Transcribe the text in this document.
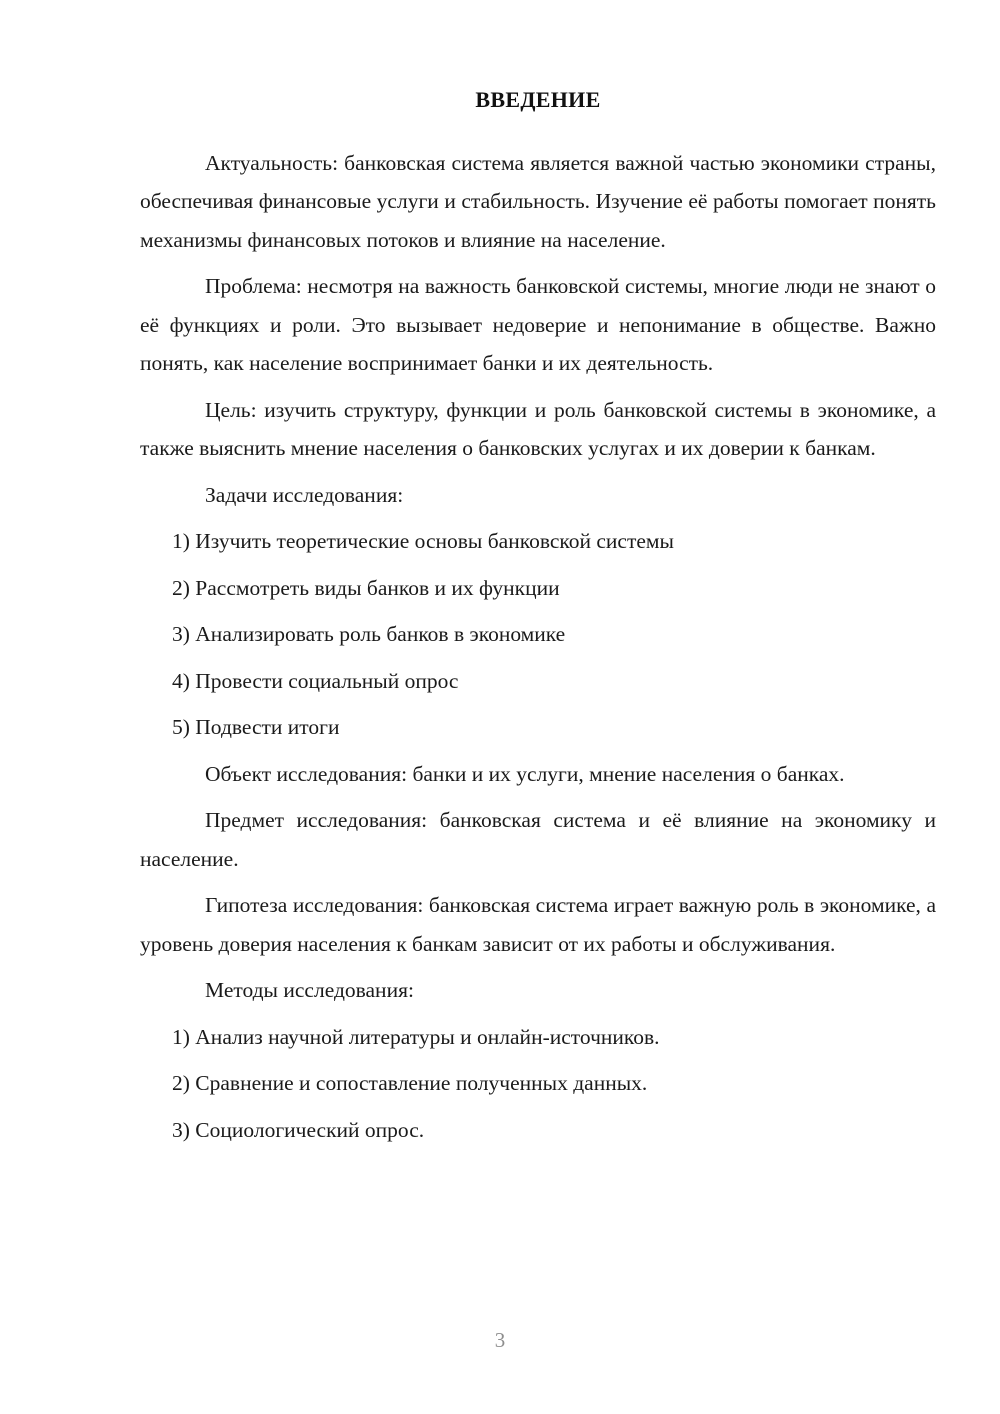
ВВЕДЕНИЕ

Актуальность: банковская система является важной частью экономики страны, обеспечивая финансовые услуги и стабильность. Изучение её работы помогает понять механизмы финансовых потоков и влияние на население.

Проблема: несмотря на важность банковской системы, многие люди не знают о её функциях и роли. Это вызывает недоверие и непонимание в обществе. Важно понять, как население воспринимает банки и их деятельность.

Цель: изучить структуру, функции и роль банковской системы в экономике, а также выяснить мнение населения о банковских услугах и их доверии к банкам.

Задачи исследования:

1) Изучить теоретические основы банковской системы
2) Рассмотреть виды банков и их функции
3) Анализировать роль банков в экономике
4) Провести социальный опрос
5) Подвести итоги

Объект исследования: банки и их услуги, мнение населения о банках.

Предмет исследования: банковская система и её влияние на экономику и население.

Гипотеза исследования: банковская система играет важную роль в экономике, а уровень доверия населения к банкам зависит от их работы и обслуживания.

Методы исследования:

1) Анализ научной литературы и онлайн-источников.
2) Сравнение и сопоставление полученных данных.
3) Социологический опрос.
3
